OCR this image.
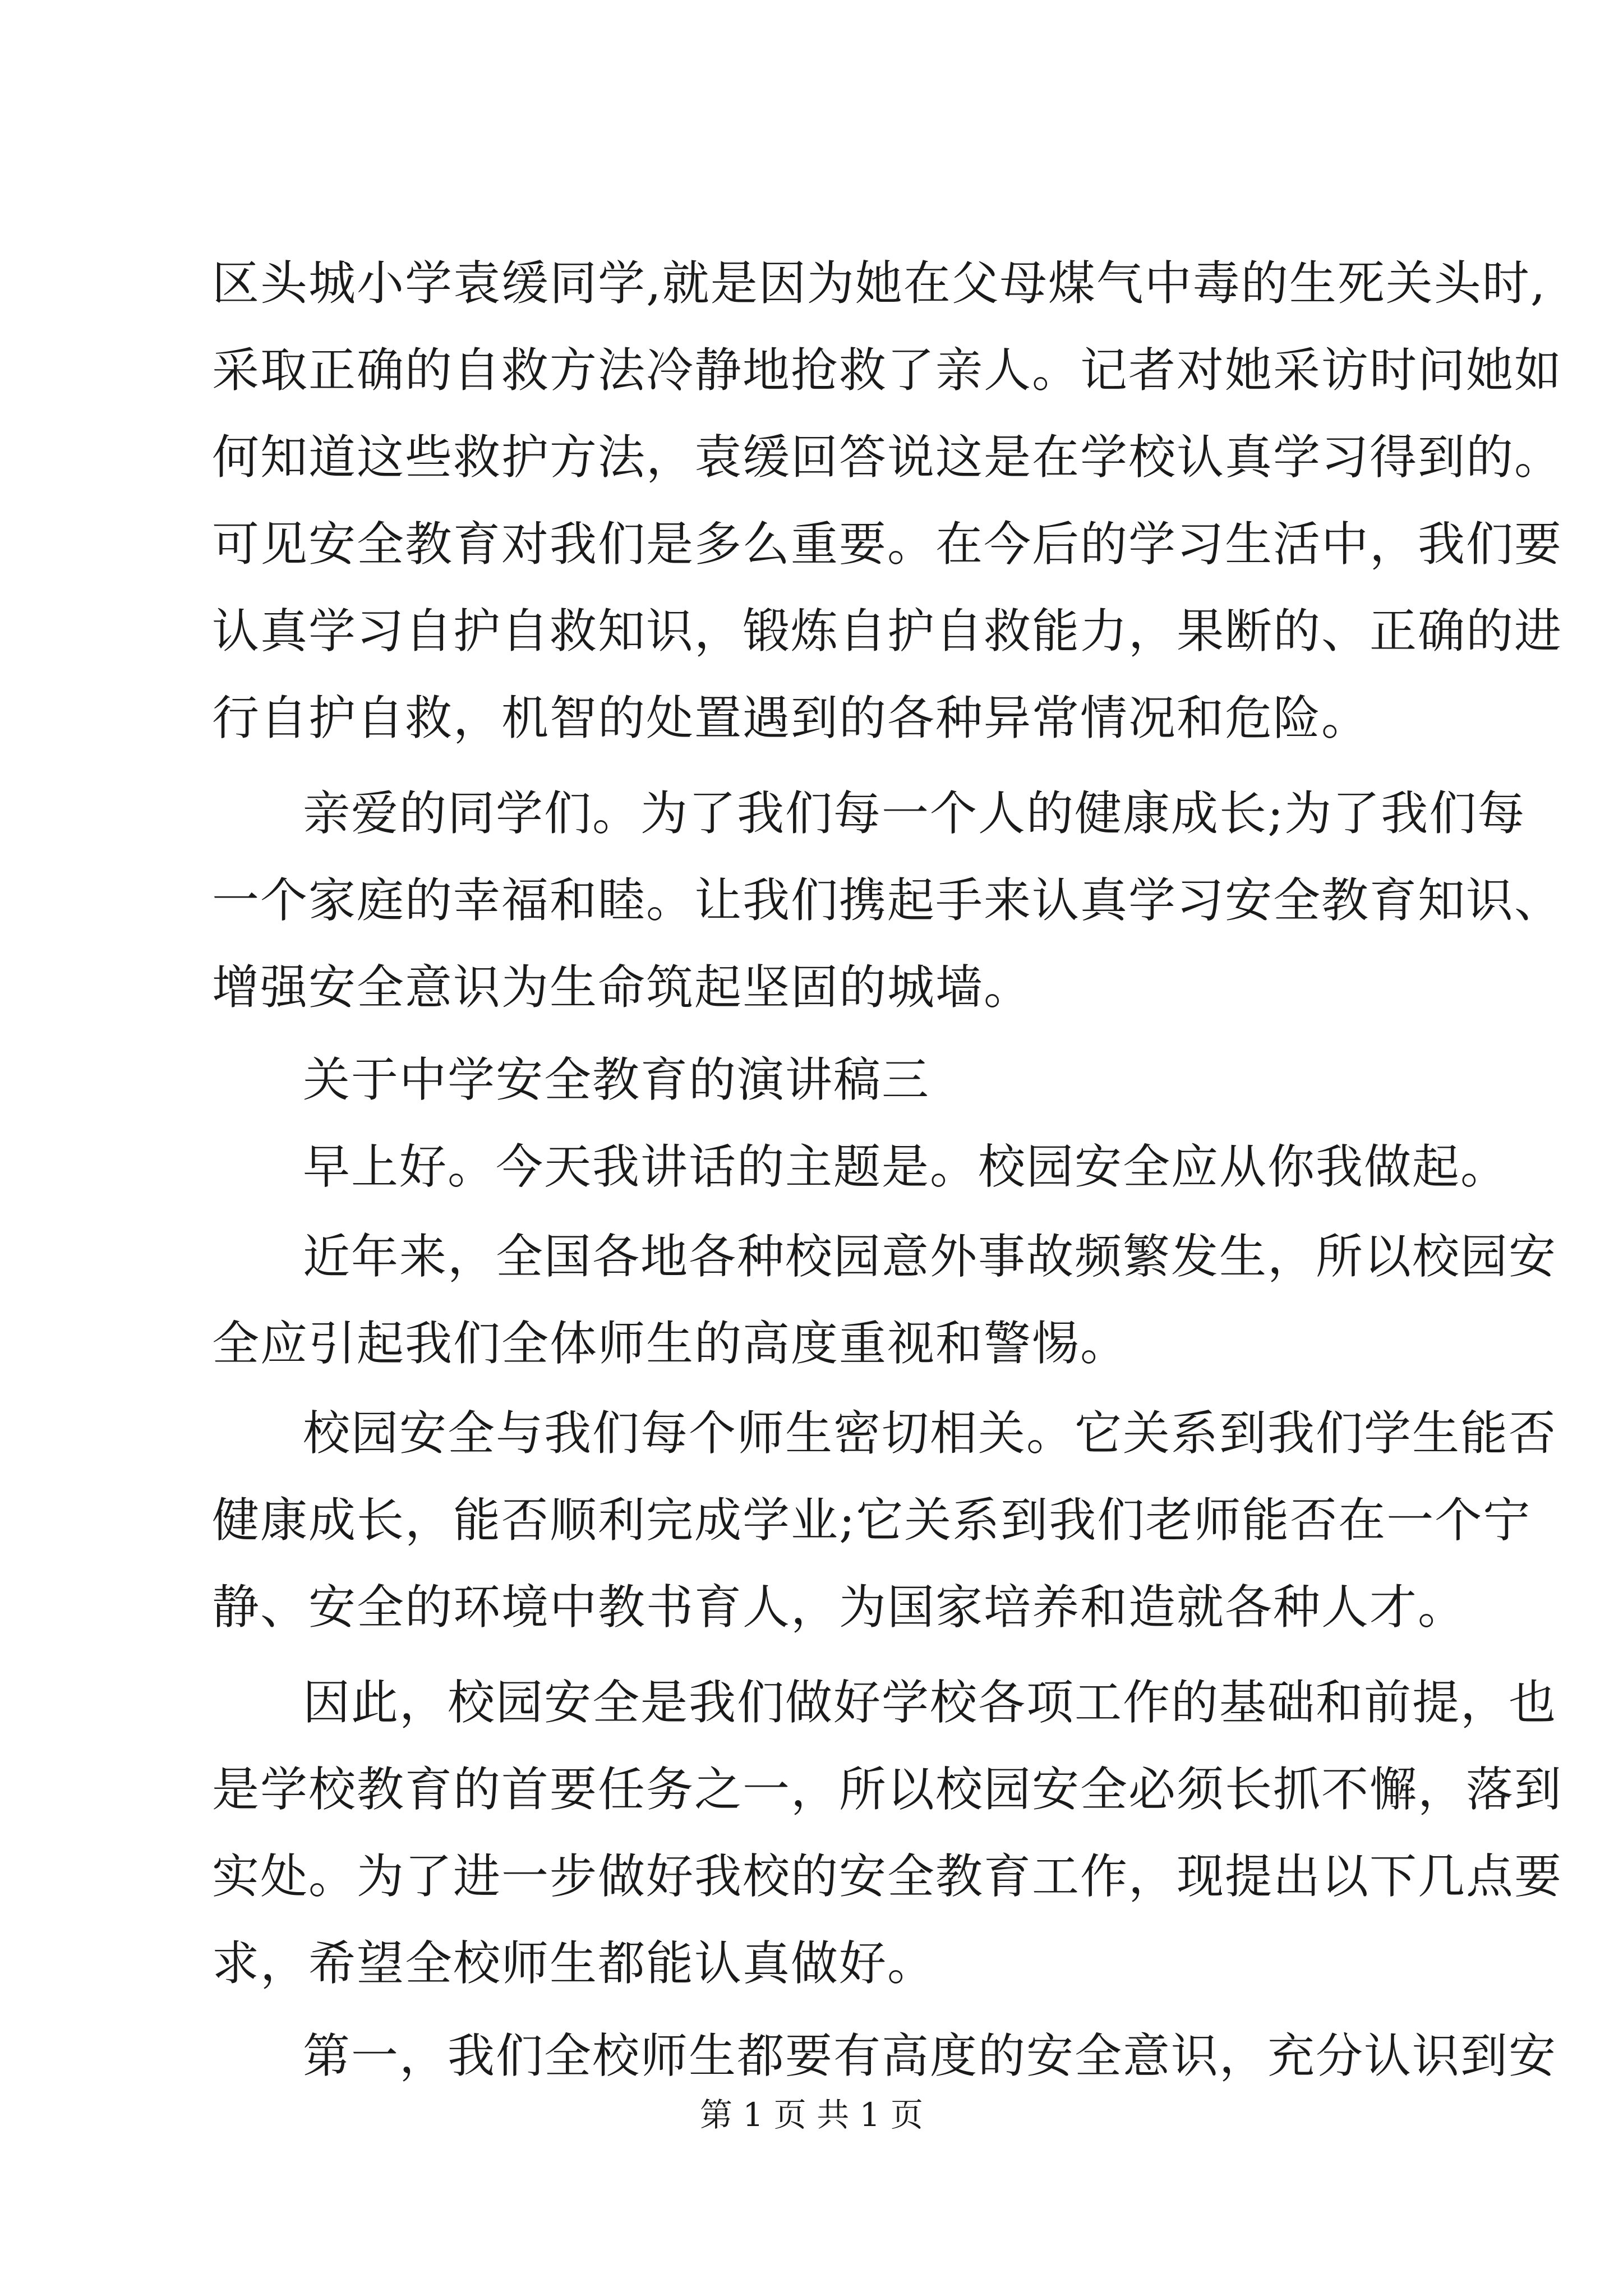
区头城小学袁缓同学,就是因为她在父母煤气中毒的生死关头时,
采取正确的自救方法冷静地抢救了亲人。记者对她采访时问她如
何知道这些救护方法，袁缓回答说这是在学校认真学习得到的。
可见安全教育对我们是多么重要。在今后的学习生活中，我们要
认真学习自护自救知识，锻炼自护自救能力，果断的、正确的进
行自护自救，机智的处置遇到的各种异常情况和危险。
亲爱的同学们。为了我们每一个人的健康成长;为了我们每
一个家庭的幸福和睦。让我们携起手来认真学习安全教育知识、
增强安全意识为生命筑起坚固的城墙。
关于中学安全教育的演讲稿三
早上好。今天我讲话的主题是。校园安全应从你我做起。
近年来，全国各地各种校园意外事故频繁发生，所以校园安
全应引起我们全体师生的高度重视和警惕。
校园安全与我们每个师生密切相关。它关系到我们学生能否
健康成长，能否顺利完成学业;它关系到我们老师能否在一个宁
静、安全的环境中教书育人，为国家培养和造就各种人才。
因此，校园安全是我们做好学校各项工作的基础和前提，也
是学校教育的首要任务之一，所以校园安全必须长抓不懈，落到
实处。为了进一步做好我校的安全教育工作，现提出以下几点要
求，希望全校师生都能认真做好。
第一，我们全校师生都要有高度的安全意识，充分认识到安
第 1 页 共 1 页
